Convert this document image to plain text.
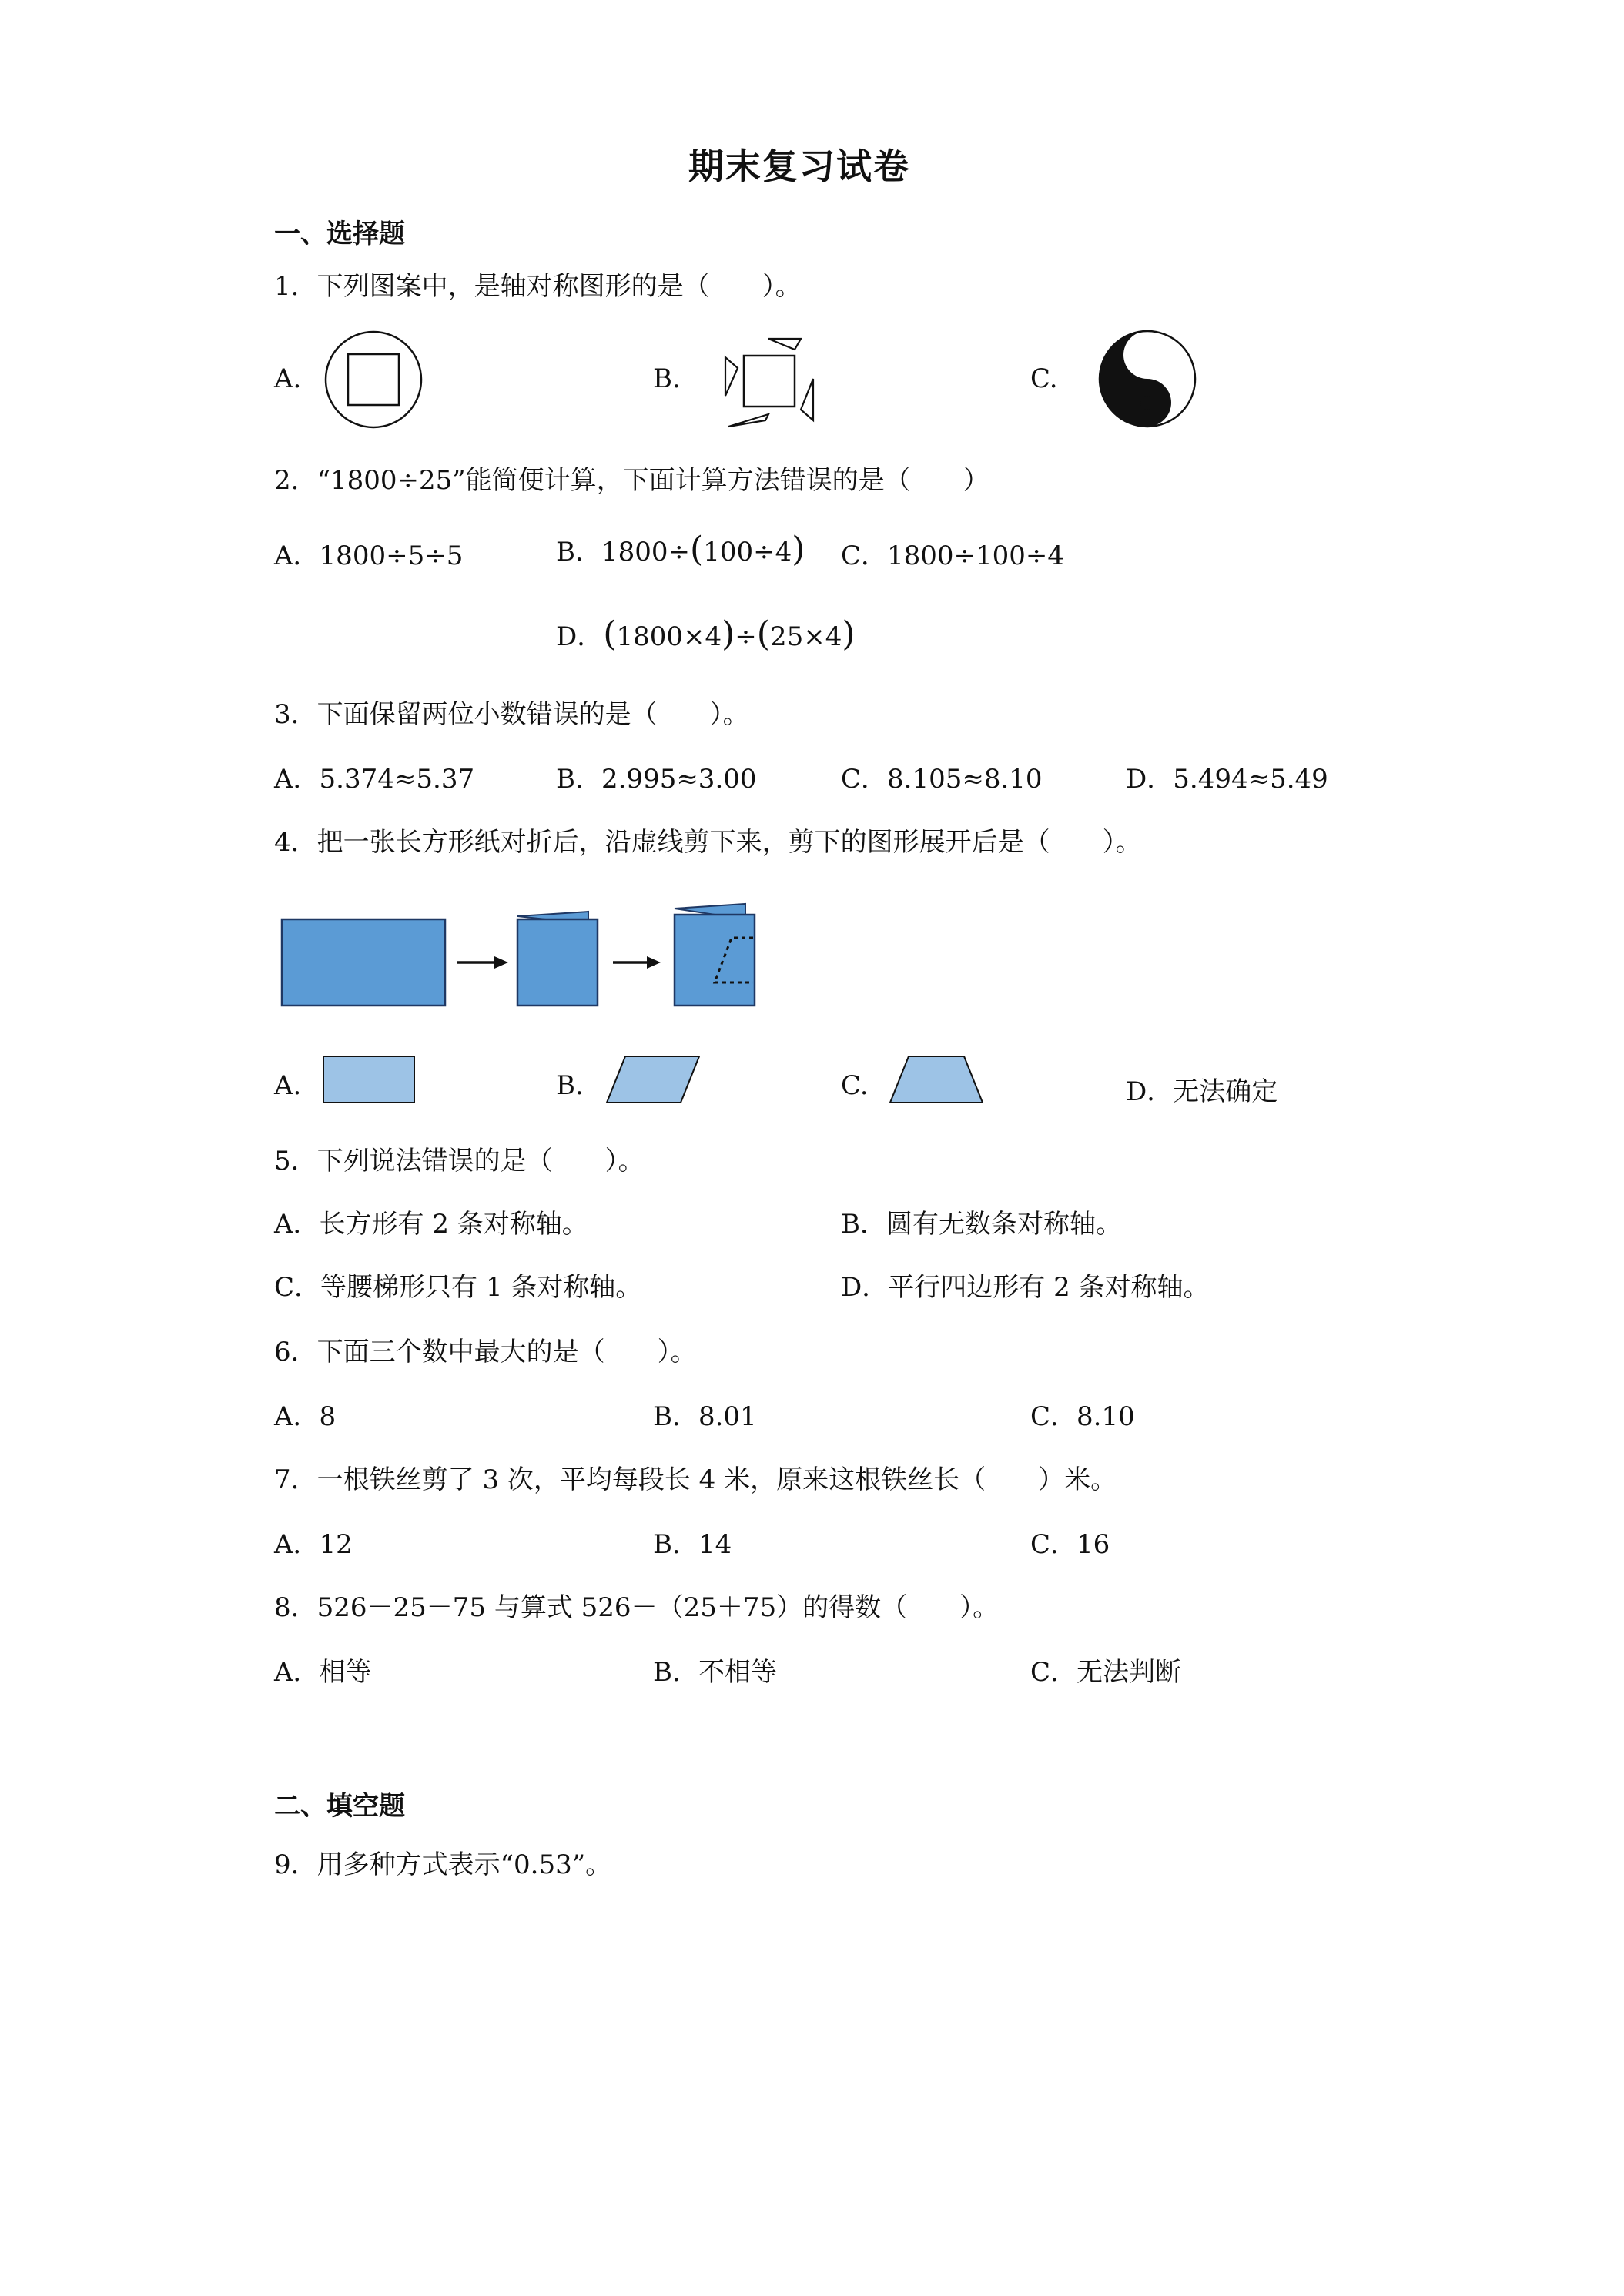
期末复习试卷
一、选择题
1．下列图案中，是轴对称图形的是（　　）。
A.	B.	C.
2．“1800÷25”能简便计算，下面计算方法错误的是（　　）
A．1800÷5÷5	B．1800÷(100÷4) C．1800÷100÷4
D．(1800×4)÷(25×4)
3．下面保留两位小数错误的是（　　）。
A．5.374≈5.37	B．2.995≈3.00	C．8.105≈8.10	D．5.494≈5.49
4．把一张长方形纸对折后，沿虚线剪下来，剪下的图形展开后是（　　）。
A.	B.	C.	D．无法确定
5．下列说法错误的是（　　）。
A．长方形有 2 条对称轴。	B．圆有无数条对称轴。
C．等腰梯形只有 1 条对称轴。	D．平行四边形有 2 条对称轴。
6．下面三个数中最大的是（　　）。
A．8	B．8.01	C．8.10
7．一根铁丝剪了 3 次，平均每段长 4 米，原来这根铁丝长（　　）米。
A．12	B．14	C．16
8．526－25－75 与算式 526－（25＋75）的得数（　　）。
A．相等	B．不相等	C．无法判断
二、填空题
9．用多种方式表示“0.53”。
